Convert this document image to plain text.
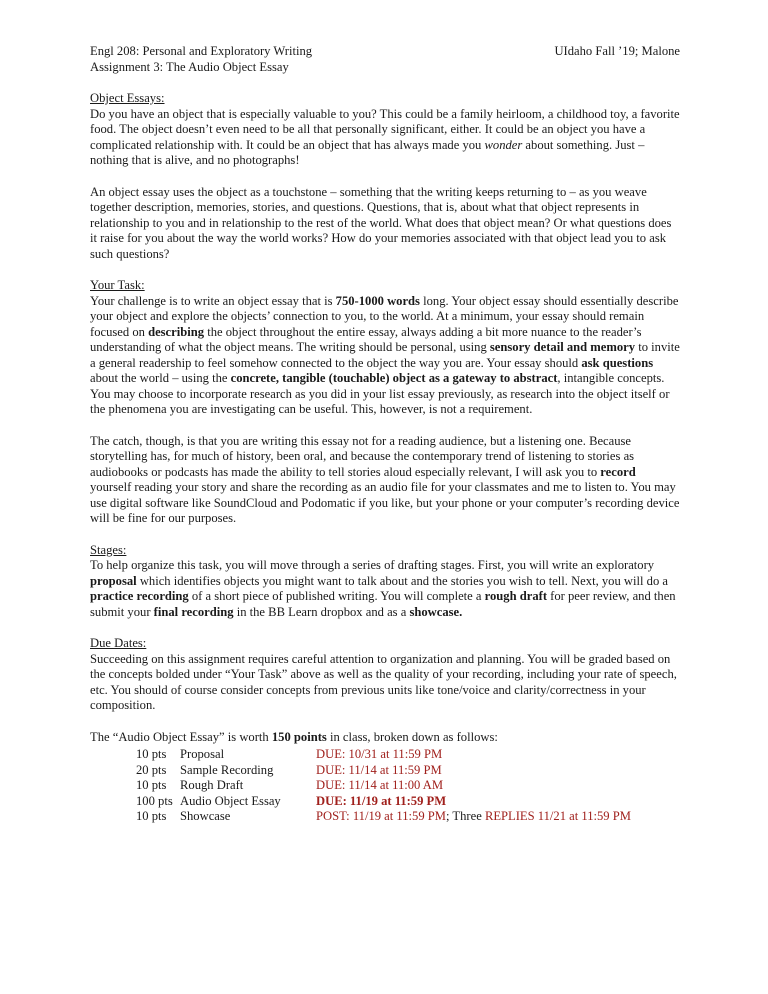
Engl 208: Personal and Exploratory Writing	UIdaho Fall ’19; Malone
Assignment 3: The Audio Object Essay
Object Essays:
Do you have an object that is especially valuable to you? This could be a family heirloom, a childhood toy, a favorite food. The object doesn’t even need to be all that personally significant, either. It could be an object you have a complicated relationship with. It could be an object that has always made you wonder about something. Just – nothing that is alive, and no photographs!
An object essay uses the object as a touchstone – something that the writing keeps returning to – as you weave together description, memories, stories, and questions. Questions, that is, about what that object represents in relationship to you and in relationship to the rest of the world. What does that object mean? Or what questions does it raise for you about the way the world works? How do your memories associated with that object lead you to ask such questions?
Your Task:
Your challenge is to write an object essay that is 750-1000 words long. Your object essay should essentially describe your object and explore the objects’ connection to you, to the world. At a minimum, your essay should remain focused on describing the object throughout the entire essay, always adding a bit more nuance to the reader’s understanding of what the object means. The writing should be personal, using sensory detail and memory to invite a general readership to feel somehow connected to the object the way you are. Your essay should ask questions about the world – using the concrete, tangible (touchable) object as a gateway to abstract, intangible concepts. You may choose to incorporate research as you did in your list essay previously, as research into the object itself or the phenomena you are investigating can be useful. This, however, is not a requirement.
The catch, though, is that you are writing this essay not for a reading audience, but a listening one. Because storytelling has, for much of history, been oral, and because the contemporary trend of listening to stories as audiobooks or podcasts has made the ability to tell stories aloud especially relevant, I will ask you to record yourself reading your story and share the recording as an audio file for your classmates and me to listen to. You may use digital software like SoundCloud and Podomatic if you like, but your phone or your computer’s recording device will be fine for our purposes.
Stages:
To help organize this task, you will move through a series of drafting stages. First, you will write an exploratory proposal which identifies objects you might want to talk about and the stories you wish to tell. Next, you will do a practice recording of a short piece of published writing. You will complete a rough draft for peer review, and then submit your final recording in the BB Learn dropbox and as a showcase.
Due Dates:
Succeeding on this assignment requires careful attention to organization and planning. You will be graded based on the concepts bolded under “Your Task” above as well as the quality of your recording, including your rate of speech, etc. You should of course consider concepts from previous units like tone/voice and clarity/correctness in your composition.
The “Audio Object Essay” is worth 150 points in class, broken down as follows:
10 pts	Proposal	DUE: 10/31 at 11:59 PM
20 pts	Sample Recording	DUE: 11/14 at 11:59 PM
10 pts	Rough Draft	DUE: 11/14 at 11:00 AM
100 pts	Audio Object Essay	DUE: 11/19 at 11:59 PM
10 pts	Showcase	POST: 11/19 at 11:59 PM; Three REPLIES 11/21 at 11:59 PM
